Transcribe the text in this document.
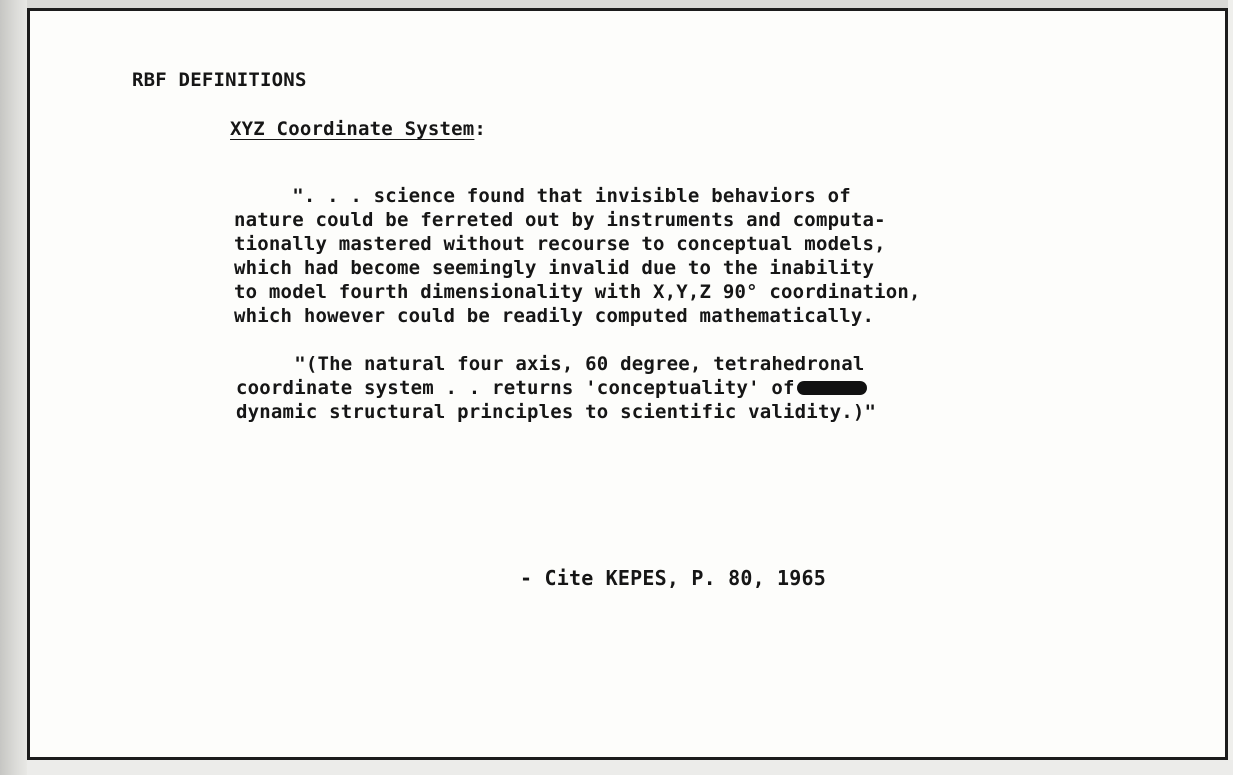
RBF DEFINITIONS
XYZ Coordinate System:

". . . science found that invisible behaviors of
nature could be ferreted out by instruments and computa-
tionally mastered without recourse to conceptual models,
which had become seemingly invalid due to the inability
to model fourth dimensionality with X,Y,Z 90° coordination,
which however could be readily computed mathematically.

"(The natural four axis, 60 degree, tetrahedronal
coordinate system . . returns 'conceptuality' of
dynamic structural principles to scientific validity.)"

- Cite KEPES, P. 80, 1965
